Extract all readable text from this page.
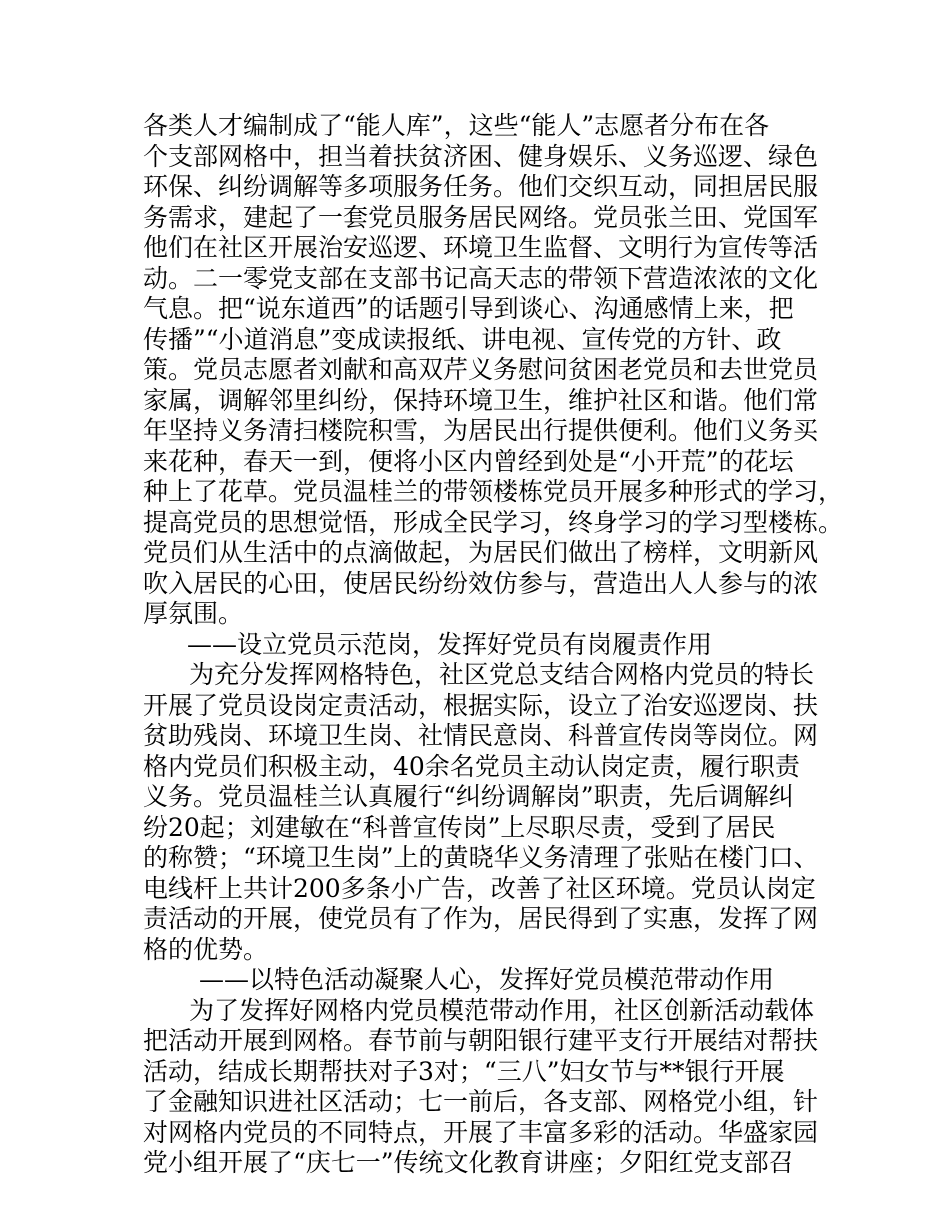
各类人才编制成了“能人库”，这些“能人”志愿者分布在各
个支部网格中，担当着扶贫济困、健身娱乐、义务巡逻、绿色
环保、纠纷调解等多项服务任务。他们交织互动，同担居民服
务需求，建起了一套党员服务居民网络。党员张兰田、党国军
他们在社区开展治安巡逻、环境卫生监督、文明行为宣传等活
动。二一零党支部在支部书记高天志的带领下营造浓浓的文化
气息。把“说东道西”的话题引导到谈心、沟通感情上来，把
传播”“小道消息”变成读报纸、讲电视、宣传党的方针、政
策。党员志愿者刘献和高双芹义务慰问贫困老党员和去世党员
家属，调解邻里纠纷，保持环境卫生，维护社区和谐。他们常
年坚持义务清扫楼院积雪，为居民出行提供便利。他们义务买
来花种，春天一到，便将小区内曾经到处是“小开荒”的花坛
种上了花草。党员温桂兰的带领楼栋党员开展多种形式的学习，
提高党员的思想觉悟，形成全民学习，终身学习的学习型楼栋。
党员们从生活中的点滴做起，为居民们做出了榜样，文明新风
吹入居民的心田，使居民纷纷效仿参与，营造出人人参与的浓
厚氛围。
——设立党员示范岗，发挥好党员有岗履责作用
为充分发挥网格特色，社区党总支结合网格内党员的特长
开展了党员设岗定责活动，根据实际，设立了治安巡逻岗、扶
贫助残岗、环境卫生岗、社情民意岗、科普宣传岗等岗位。网
格内党员们积极主动，40余名党员主动认岗定责，履行职责
义务。党员温桂兰认真履行“纠纷调解岗”职责，先后调解纠
纷20起；刘建敏在“科普宣传岗”上尽职尽责，受到了居民
的称赞；“环境卫生岗”上的黄晓华义务清理了张贴在楼门口、
电线杆上共计200多条小广告，改善了社区环境。党员认岗定
责活动的开展，使党员有了作为，居民得到了实惠，发挥了网
格的优势。
——以特色活动凝聚人心，发挥好党员模范带动作用
为了发挥好网格内党员模范带动作用，社区创新活动载体
把活动开展到网格。春节前与朝阳银行建平支行开展结对帮扶
活动，结成长期帮扶对子3对；“三八”妇女节与**银行开展
了金融知识进社区活动；七一前后，各支部、网格党小组，针
对网格内党员的不同特点，开展了丰富多彩的活动。华盛家园
党小组开展了“庆七一”传统文化教育讲座；夕阳红党支部召
